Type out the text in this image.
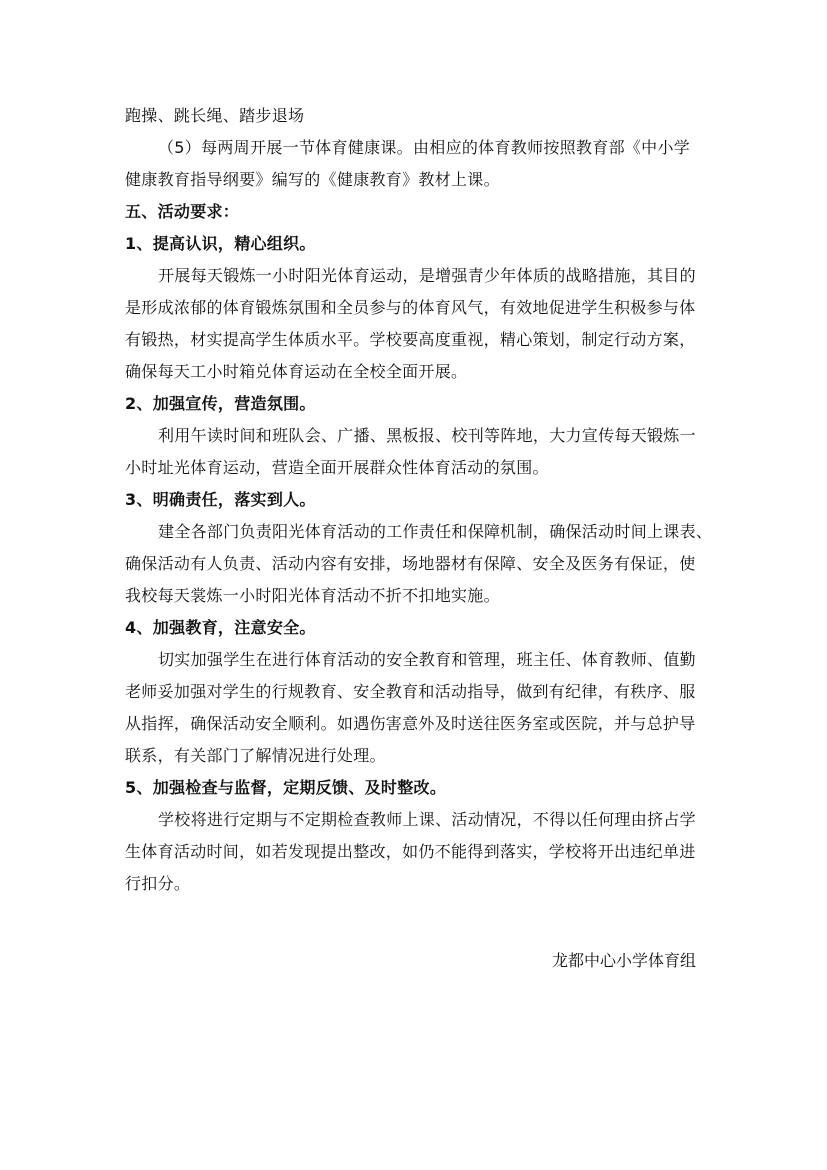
跑操、跳长绳、踏步退场
（5）每两周开展一节体育健康课。由相应的体育教师按照教育部《中小学
健康教育指导纲要》编写的《健康教育》教材上课。
五、活动要求：
1、提高认识，精心组织。
开展每天锻炼一小时阳光体育运动，是增强青少年体质的战略措施，其目的
是形成浓郁的体育锻炼氛围和全员参与的体育风气，有效地促进学生积极参与体
有锻热，材实提高学生体质水平。学校要高度重视，精心策划，制定行动方案，
确保每天工小时箱兑体育运动在全校全面开展。
2、加强宣传，营造氛围。
利用午读时间和班队会、广播、黑板报、校刊等阵地，大力宣传每天锻炼一
小时址光体育运动，营造全面开展群众性体育活动的氛围。
3、明确责任，落实到人。
建全各部门负责阳光体育活动的工作责任和保障机制，确保活动时间上课表、
确保活动有人负责、活动内容有安排，场地器材有保障、安全及医务有保证，使
我校每天裳炼一小时阳光体育活动不折不扣地实施。
4、加强教育，注意安全。
切实加强学生在进行体育活动的安全教育和管理，班主任、体育教师、值勤
老师妥加强对学生的行规教育、安全教育和活动指导，做到有纪律，有秩序、服
从指挥，确保活动安全顺利。如遇伤害意外及时送往医务室或医院，并与总护导
联系，有关部门了解情况进行处理。
5、加强检查与监督，定期反馈、及时整改。
学校将进行定期与不定期检查教师上课、活动情况，不得以任何理由挤占学
生体育活动时间，如若发现提出整改，如仍不能得到落实，学校将开出违纪单进
行扣分。
龙都中心小学体育组
